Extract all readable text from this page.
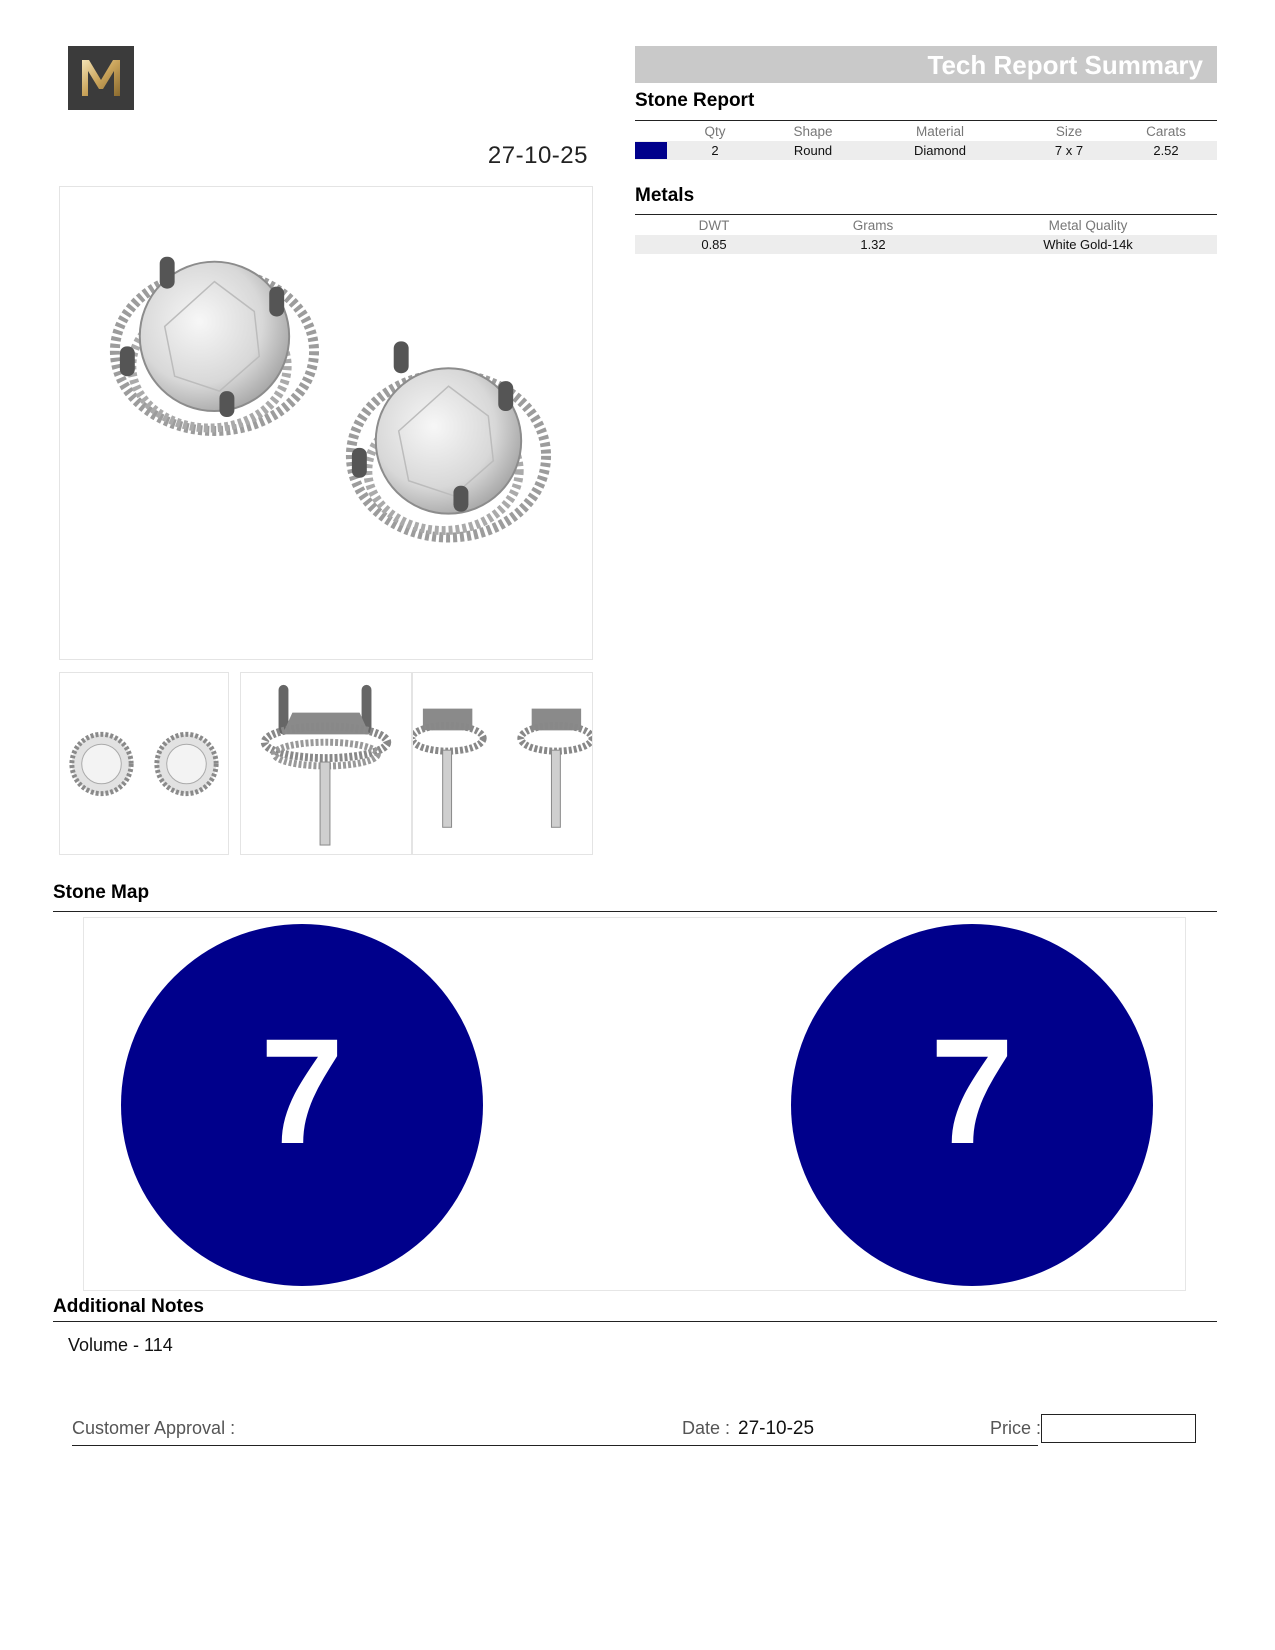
27-10-25
Tech Report Summary
Stone Report
Qty	Shape	Material	Size	Carats
2	Round	Diamond	7 x 7	2.52
Metals
DWT	Grams	Metal Quality
0.85	1.32	White Gold-14k
Stone Map
7	7
Additional Notes
Volume - 114
Customer Approval :	Date : 27-10-25	Price :
